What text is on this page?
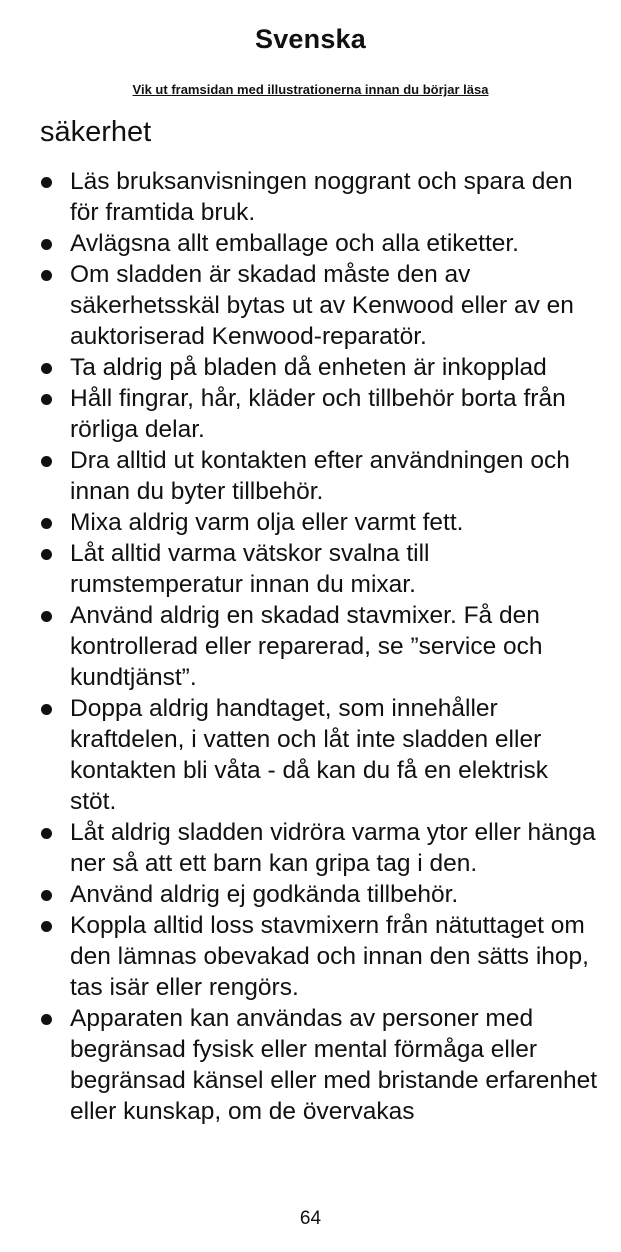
Svenska
Vik ut framsidan med illustrationerna innan du börjar läsa
säkerhet
Läs bruksanvisningen noggrant och spara den för framtida bruk.
Avlägsna allt emballage och alla etiketter.
Om sladden är skadad måste den av säkerhetsskäl bytas ut av Kenwood eller av en auktoriserad Kenwood-reparatör.
Ta aldrig på bladen då enheten är inkopplad
Håll fingrar, hår, kläder och tillbehör borta från rörliga delar.
Dra alltid ut kontakten efter användningen och innan du byter tillbehör.
Mixa aldrig varm olja eller varmt fett.
Låt alltid varma vätskor svalna till rumstemperatur innan du mixar.
Använd aldrig en skadad stavmixer. Få den kontrollerad eller reparerad, se ”service och kundtjänst”.
Doppa aldrig handtaget, som innehåller kraftdelen, i vatten och låt inte sladden eller kontakten bli våta - då kan du få en elektrisk stöt.
Låt aldrig sladden vidröra varma ytor eller hänga ner så att ett barn kan gripa tag i den.
Använd aldrig ej godkända tillbehör.
Koppla alltid loss stavmixern från nätuttaget om den lämnas obevakad och innan den sätts ihop, tas isär eller rengörs.
Apparaten kan användas av personer med begränsad fysisk eller mental förmåga eller begränsad känsel eller med bristande erfarenhet eller kunskap, om de övervakas
64
